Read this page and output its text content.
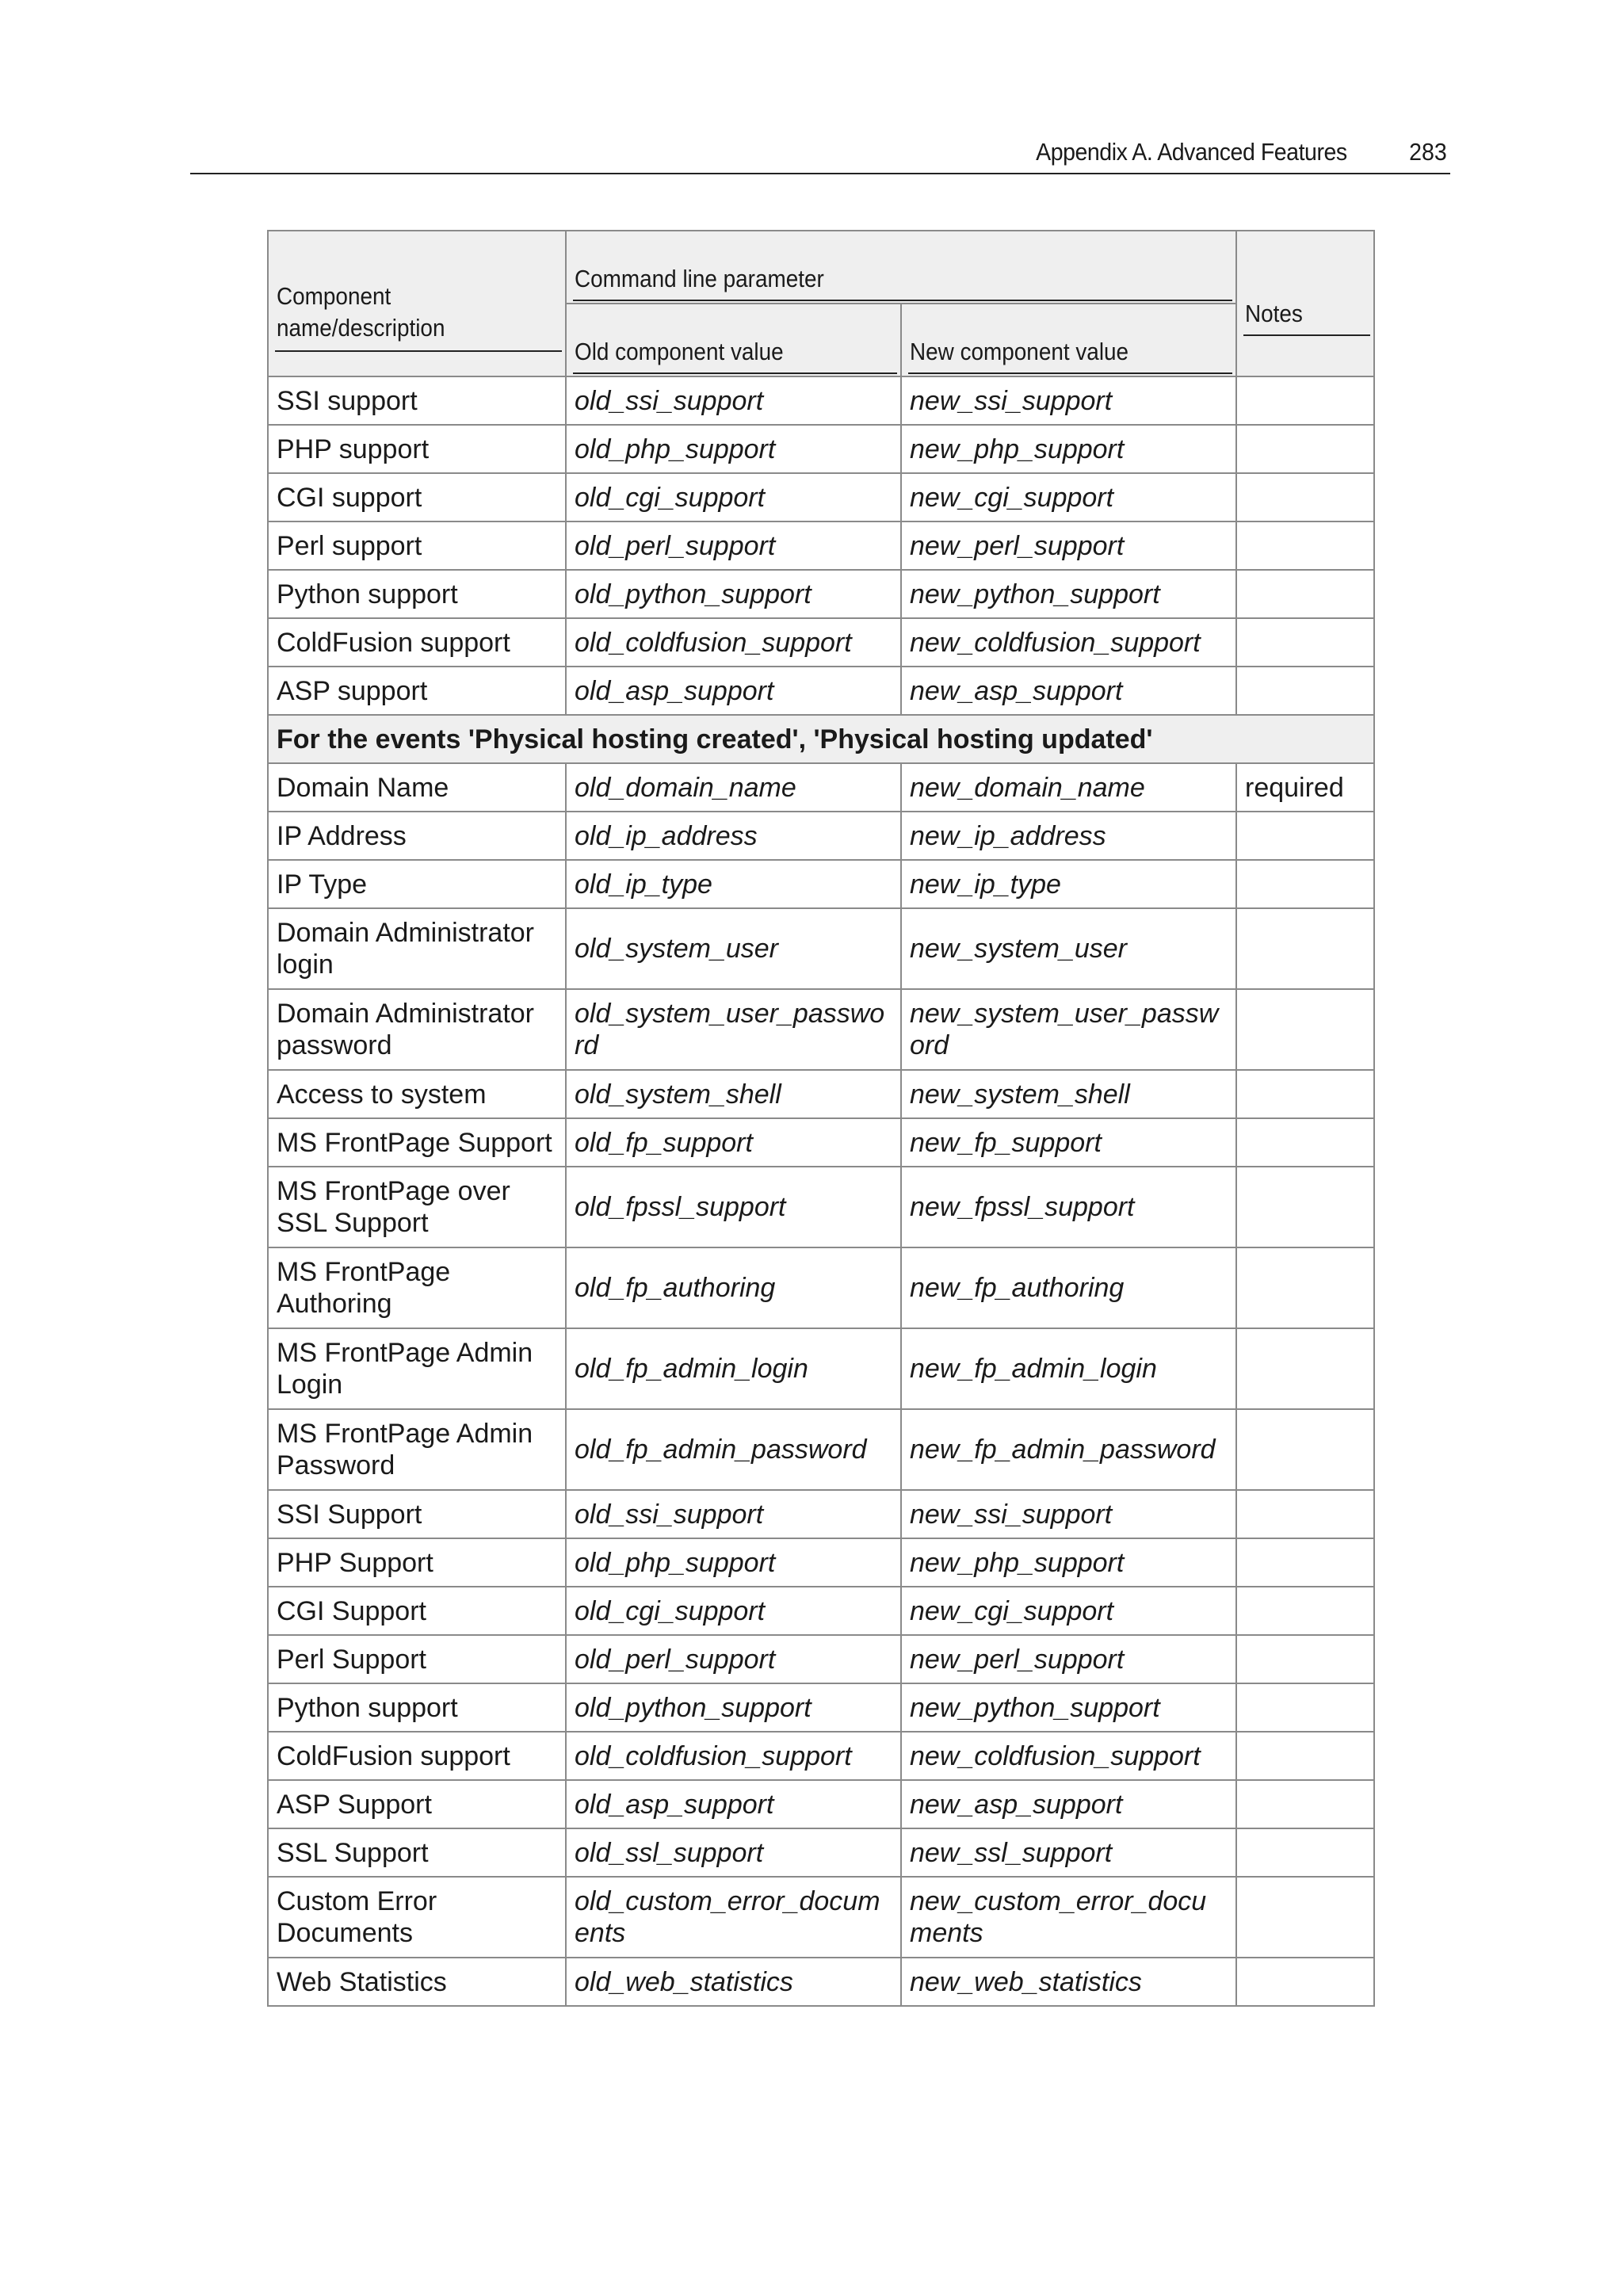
Appendix A. Advanced Features	283
Component name/description	Command line parameter		Notes

	Old component value	New component value	

SSI support	old_ssi_support	new_ssi_support	
PHP support	old_php_support	new_php_support	
CGI support	old_cgi_support	new_cgi_support	
Perl support	old_perl_support	new_perl_support	
Python support	old_python_support	new_python_support	
ColdFusion support	old_coldfusion_support	new_coldfusion_support	
ASP support	old_asp_support	new_asp_support	
For the events 'Physical hosting created', 'Physical hosting updated'			
Domain Name	old_domain_name	new_domain_name	required
IP Address	old_ip_address	new_ip_address	
IP Type	old_ip_type	new_ip_type	
Domain Administrator login	old_system_user	new_system_user	
Domain Administrator password	old_system_user_password	new_system_user_password	
Access to system	old_system_shell	new_system_shell	
MS FrontPage Support	old_fp_support	new_fp_support	
MS FrontPage over SSL Support	old_fpssl_support	new_fpssl_support	
MS FrontPage Authoring	old_fp_authoring	new_fp_authoring	
MS FrontPage Admin Login	old_fp_admin_login	new_fp_admin_login	
MS FrontPage Admin Password	old_fp_admin_password	new_fp_admin_password	
SSI Support	old_ssi_support	new_ssi_support	
PHP Support	old_php_support	new_php_support	
CGI Support	old_cgi_support	new_cgi_support	
Perl Support	old_perl_support	new_perl_support	
Python support	old_python_support	new_python_support	
ColdFusion support	old_coldfusion_support	new_coldfusion_support	
ASP Support	old_asp_support	new_asp_support	
SSL Support	old_ssl_support	new_ssl_support	
Custom Error Documents	old_custom_error_documents	new_custom_error_documents	
Web Statistics	old_web_statistics	new_web_statistics	
